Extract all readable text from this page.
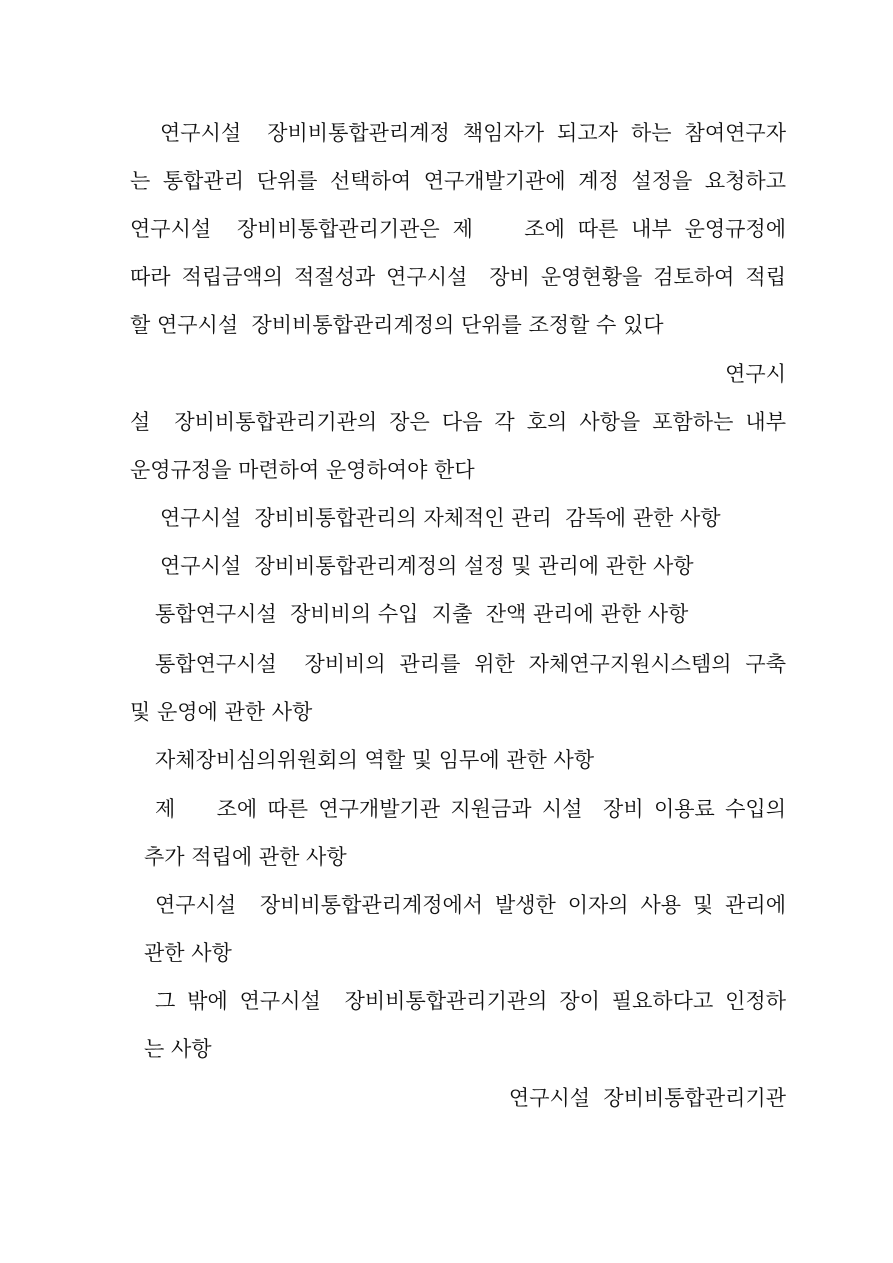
연구시설  장비비통합관리계정 책임자가 되고자 하는 참여연구자
는 통합관리 단위를 선택하여 연구개발기관에 계정 설정을 요청하고
연구시설  장비비통합관리기관은 제    조에 따른 내부 운영규정에
따라 적립금액의 적절성과 연구시설  장비 운영현황을 검토하여 적립
할 연구시설  장비비통합관리계정의 단위를 조정할 수 있다
연구시
설  장비비통합관리기관의 장은 다음 각 호의 사항을 포함하는 내부
운영규정을 마련하여 운영하여야 한다
연구시설  장비비통합관리의 자체적인 관리  감독에 관한 사항
연구시설  장비비통합관리계정의 설정 및 관리에 관한 사항
통합연구시설  장비비의 수입  지출  잔액 관리에 관한 사항
통합연구시설  장비비의 관리를 위한 자체연구지원시스템의 구축
및 운영에 관한 사항
자체장비심의위원회의 역할 및 임무에 관한 사항
제    조에 따른 연구개발기관 지원금과 시설  장비 이용료 수입의
추가 적립에 관한 사항
연구시설  장비비통합관리계정에서 발생한 이자의 사용 및 관리에
관한 사항
그 밖에 연구시설  장비비통합관리기관의 장이 필요하다고 인정하
는 사항
연구시설  장비비통합관리기관
